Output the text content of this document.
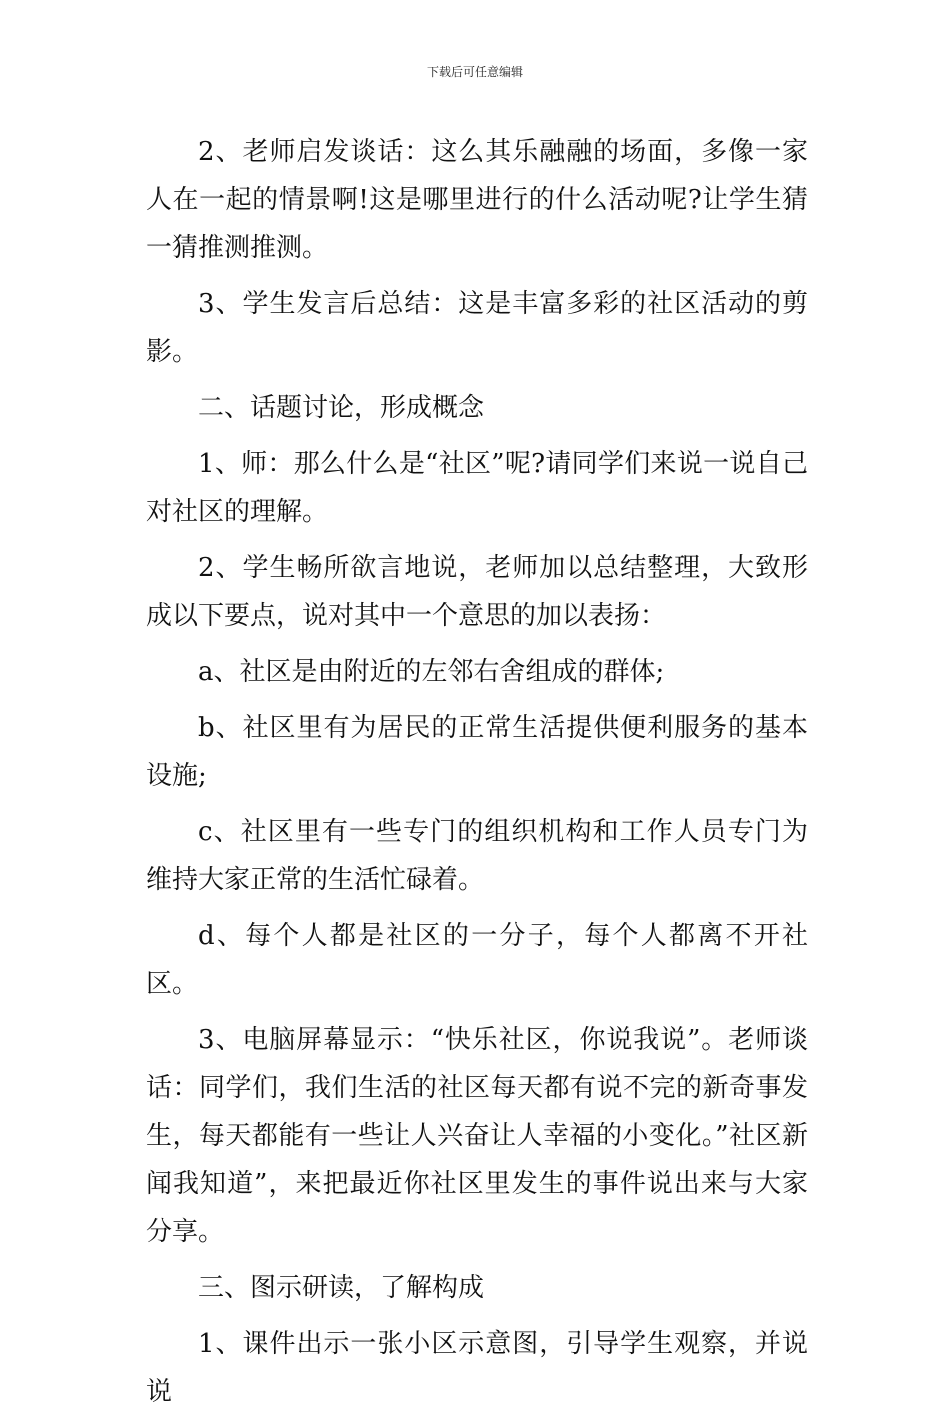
下载后可任意编辑

2、老师启发谈话：这么其乐融融的场面，多像一家人在一起的情景啊!这是哪里进行的什么活动呢?让学生猜一猜推测推测。

3、学生发言后总结：这是丰富多彩的社区活动的剪影。

二、话题讨论，形成概念

1、师：那么什么是“社区”呢?请同学们来说一说自己对社区的理解。

2、学生畅所欲言地说，老师加以总结整理，大致形成以下要点，说对其中一个意思的加以表扬：

a、社区是由附近的左邻右舍组成的群体;

b、社区里有为居民的正常生活提供便利服务的基本设施;

c、社区里有一些专门的组织机构和工作人员专门为维持大家正常的生活忙碌着。

d、每个人都是社区的一分子，每个人都离不开社区。

3、电脑屏幕显示：“快乐社区，你说我说”。老师谈话：同学们，我们生活的社区每天都有说不完的新奇事发生，每天都能有一些让人兴奋让人幸福的小变化。”社区新闻我知道”，来把最近你社区里发生的事件说出来与大家分享。

三、图示研读，了解构成

1、课件出示一张小区示意图，引导学生观察，并说说
